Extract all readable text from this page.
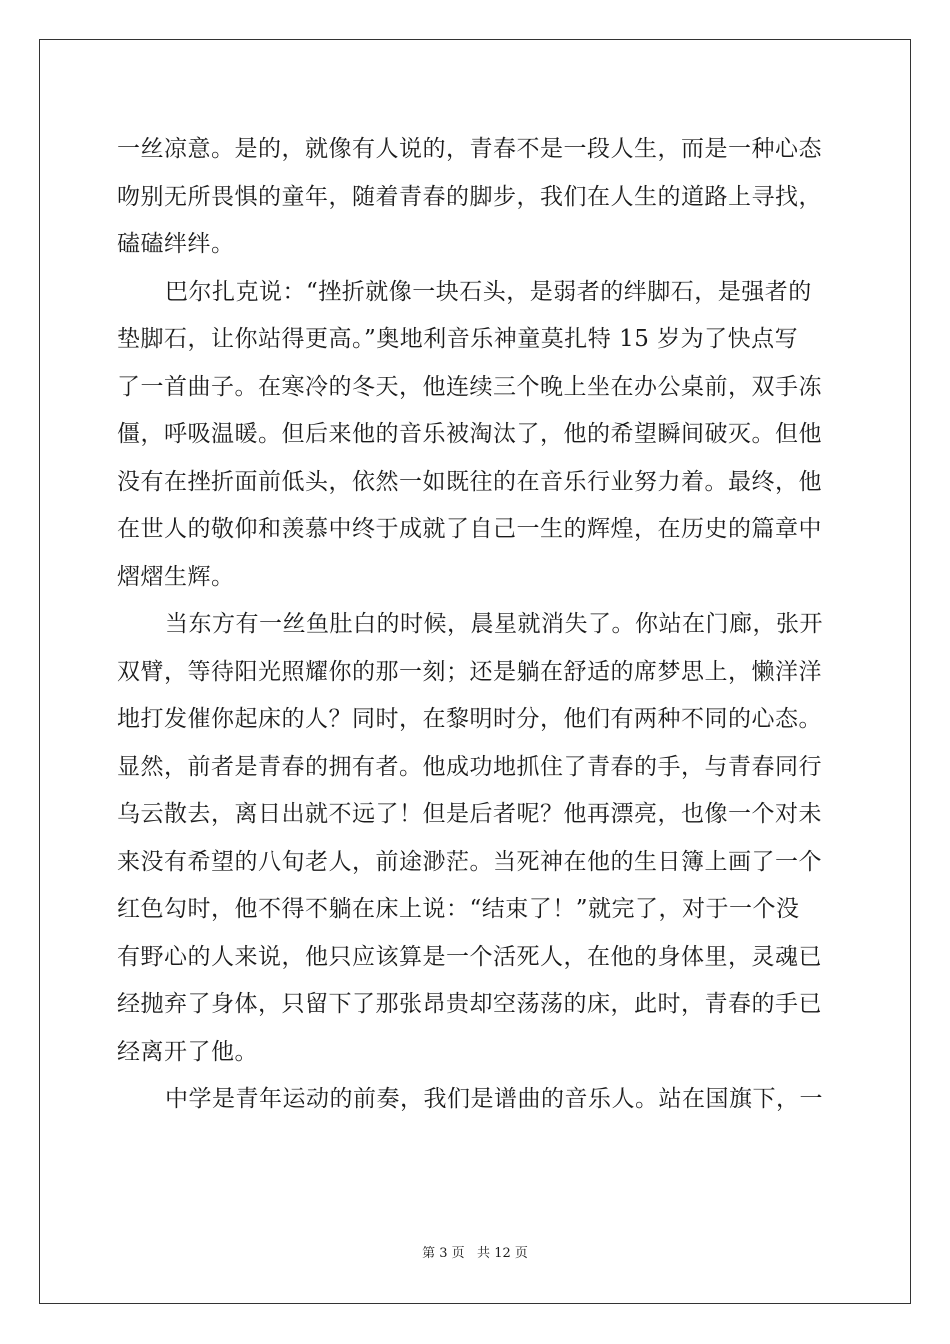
一丝凉意。是的，就像有人说的，青春不是一段人生，而是一种心态
吻别无所畏惧的童年，随着青春的脚步，我们在人生的道路上寻找，
磕磕绊绊。
巴尔扎克说：“挫折就像一块石头，是弱者的绊脚石，是强者的
垫脚石，让你站得更高。”奥地利音乐神童莫扎特 15 岁为了快点写
了一首曲子。在寒冷的冬天，他连续三个晚上坐在办公桌前，双手冻
僵，呼吸温暖。但后来他的音乐被淘汰了，他的希望瞬间破灭。但他
没有在挫折面前低头，依然一如既往的在音乐行业努力着。最终，他
在世人的敬仰和羡慕中终于成就了自己一生的辉煌，在历史的篇章中
熠熠生辉。
当东方有一丝鱼肚白的时候，晨星就消失了。你站在门廊，张开
双臂，等待阳光照耀你的那一刻；还是躺在舒适的席梦思上，懒洋洋
地打发催你起床的人？同时，在黎明时分，他们有两种不同的心态。
显然，前者是青春的拥有者。他成功地抓住了青春的手，与青春同行
乌云散去，离日出就不远了！但是后者呢？他再漂亮，也像一个对未
来没有希望的八旬老人，前途渺茫。当死神在他的生日簿上画了一个
红色勾时，他不得不躺在床上说：“结束了！”就完了，对于一个没
有野心的人来说，他只应该算是一个活死人，在他的身体里，灵魂已
经抛弃了身体，只留下了那张昂贵却空荡荡的床，此时，青春的手已
经离开了他。
中学是青年运动的前奏，我们是谱曲的音乐人。站在国旗下，一
第 3 页   共 12 页
